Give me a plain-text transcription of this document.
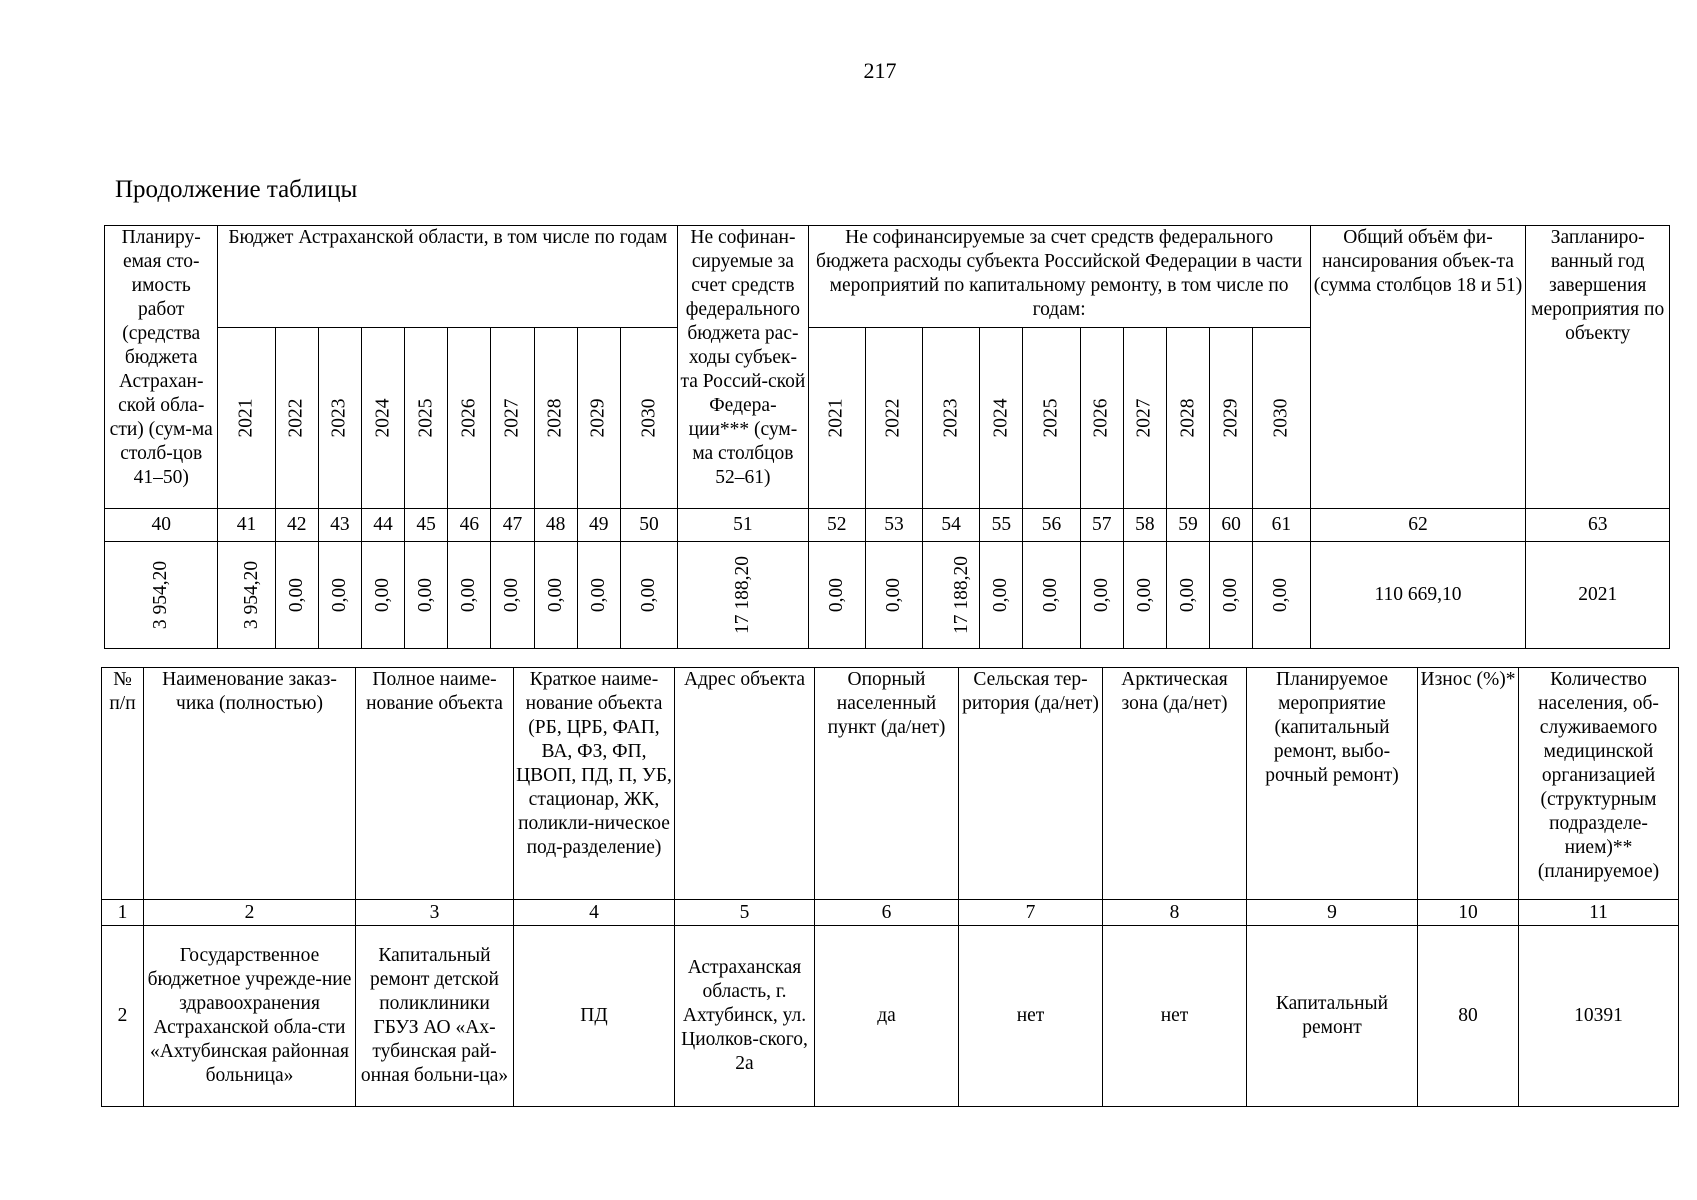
217
Продолжение таблицы
Планиру-емая сто-имость работ (средства бюджета Астрахан-ской обла-сти) (сум-ма столб-цов 41–50)	Бюджет Астраханской области, в том числе по годам										Не софинан-сируемые за счет средств федерального бюджета рас-ходы субъек-та Россий-ской Федера-ции*** (сум-ма столбцов 52–61)	Не софинансируемые за счет средств федерального бюджета расходы субъекта Российской Федерации в части мероприятий по капитальному ремонту, в том числе по годам:										Общий объём фи-нансирования объек-та (сумма столбцов 18 и 51)	Запланиро-ванный год завершения мероприятия по объекту
	2021	2022	2023	2024	2025	2026	2027	2028	2029	2030		2021	2022	2023	2024	2025	2026	2027	2028	2029	2030		
40	41	42	43	44	45	46	47	48	49	50	51	52	53	54	55	56	57	58	59	60	61	62	63
3 954,20	3 954,20	0,00	0,00	0,00	0,00	0,00	0,00	0,00	0,00	0,00	17 188,20	0,00	0,00	17 188,20	0,00	0,00	0,00	0,00	0,00	0,00	0,00	110 669,10	2021
№ п/п	Наименование заказ-чика (полностью)	Полное наиме-нование объекта	Краткое наиме-нование объекта (РБ, ЦРБ, ФАП, ВА, ФЗ, ФП, ЦВОП, ПД, П, УБ, стационар, ЖК, поликли-ническое под-разделение)	Адрес объекта	Опорный населенный пункт (да/нет)	Сельская тер-ритория (да/нет)	Арктическая зона (да/нет)	Планируемое мероприятие (капитальный ремонт, выбо-рочный ремонт)	Износ (%)*	Количество населения, об-служиваемого медицинской организацией (структурным подразделе-нием)** (планируемое)
1	2	3	4	5	6	7	8	9	10	11
2	Государственное бюджетное учрежде-ние здравоохранения Астраханской обла-сти «Ахтубинская районная больница»	Капитальный ремонт детской поликлиники ГБУЗ АО «Ах-тубинская рай-онная больни-ца»	ПД	Астраханская область, г. Ахтубинск, ул. Циолков-ского, 2а	да	нет	нет	Капитальный ремонт	80	10391
